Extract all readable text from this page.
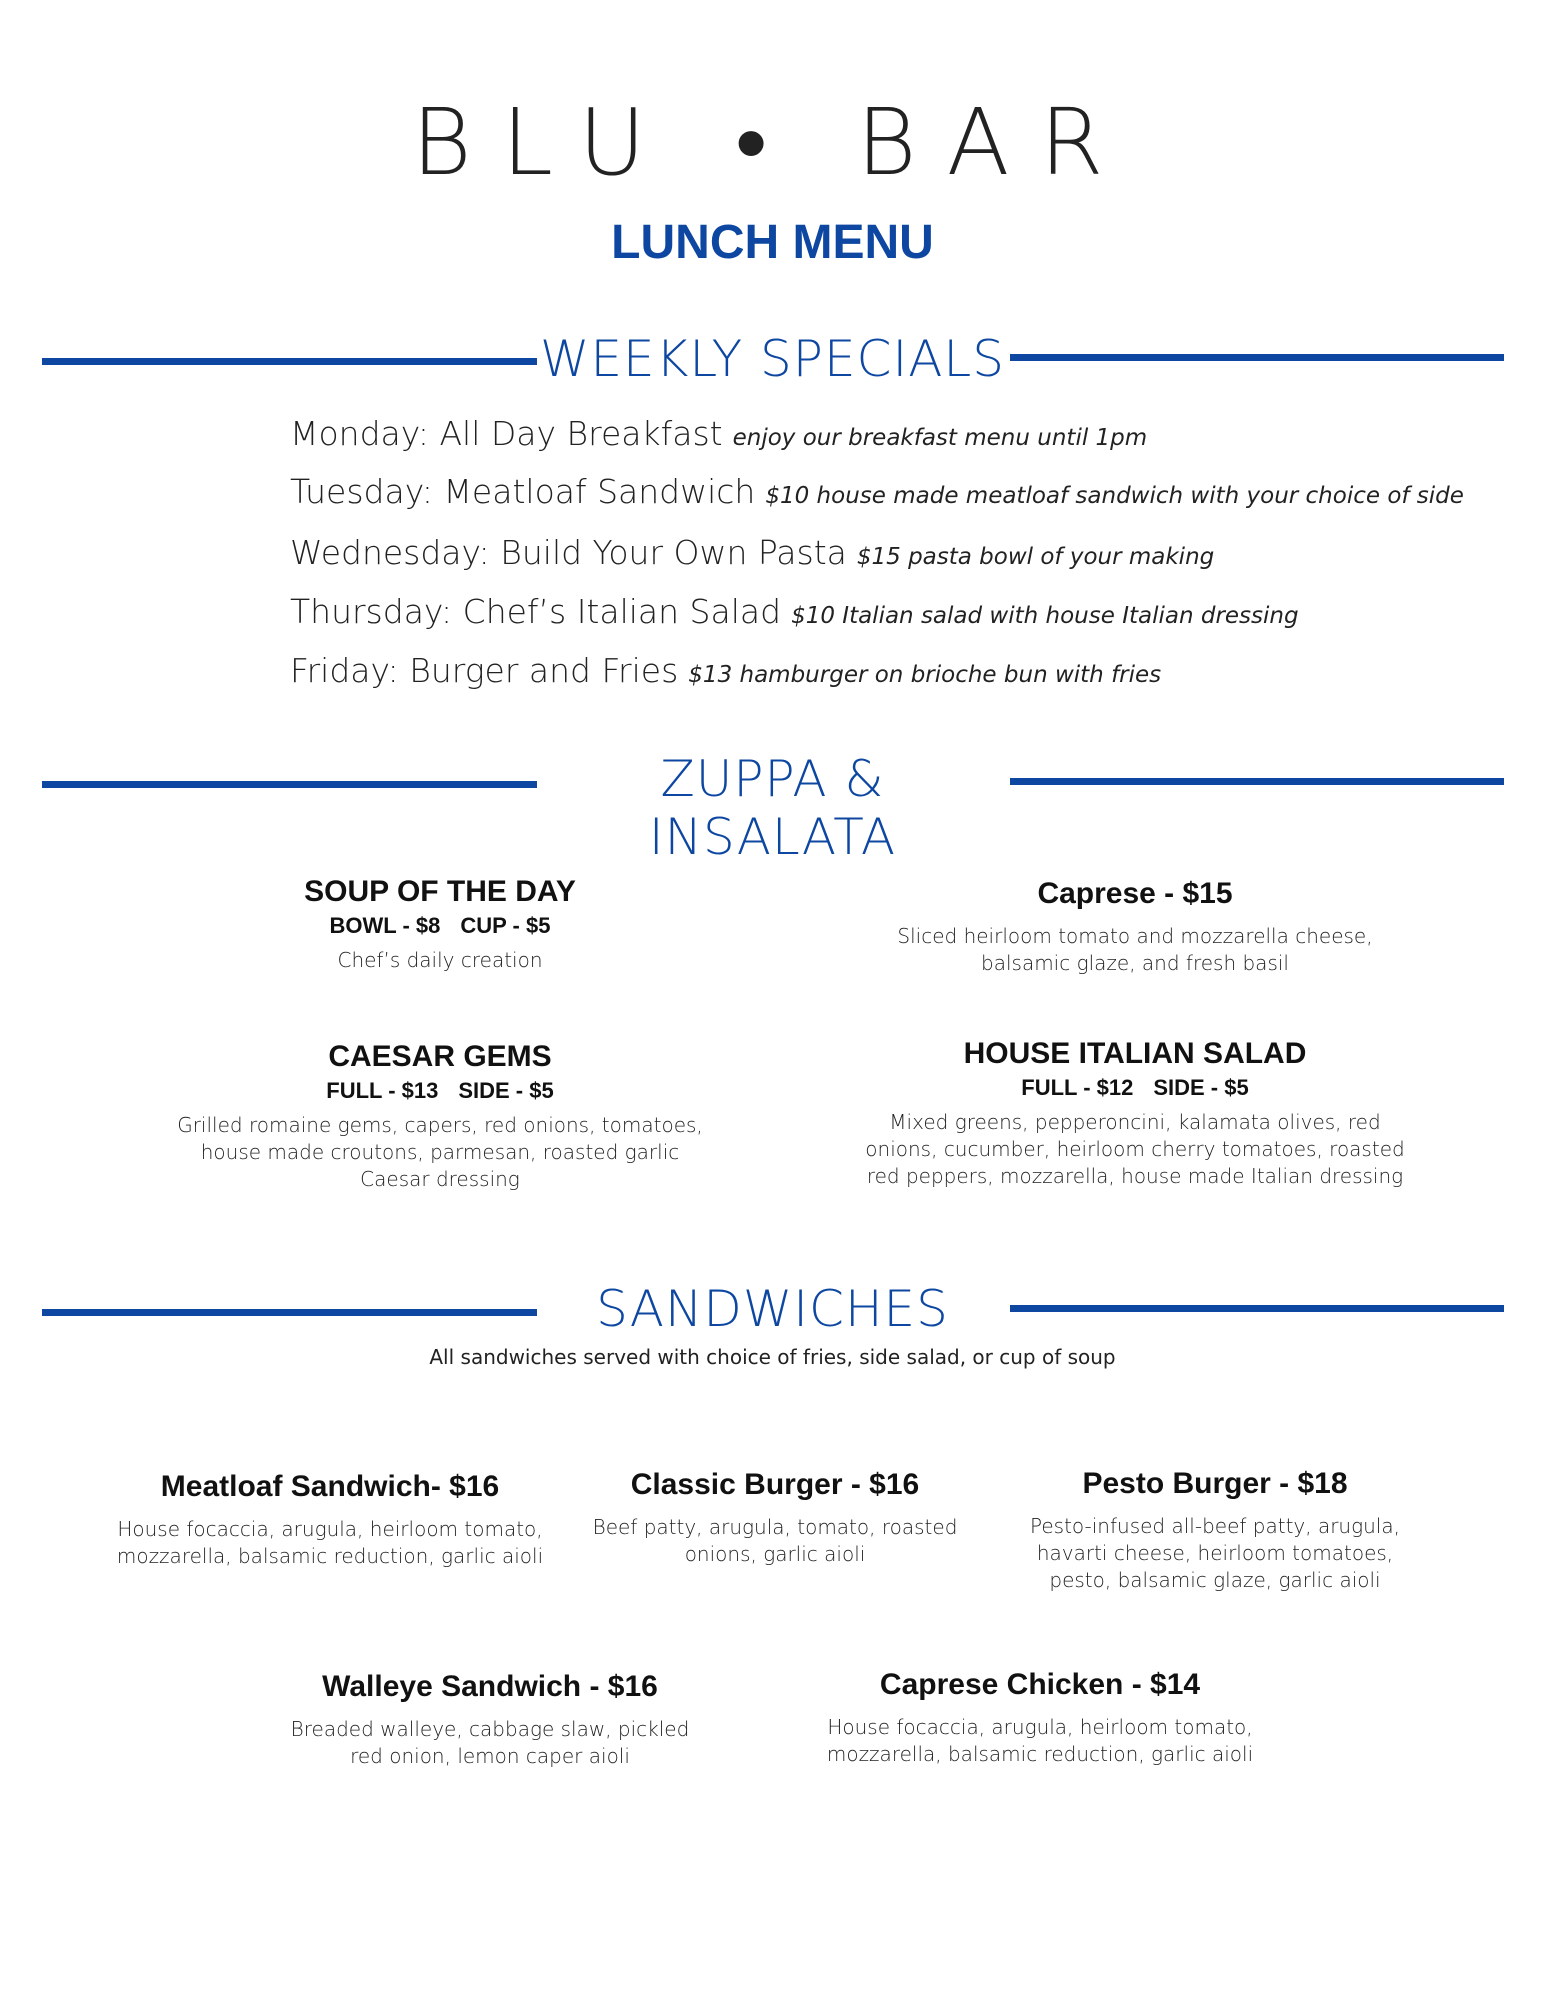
BLU • BAR
LUNCH MENU
WEEKLY SPECIALS
Monday: All Day Breakfast enjoy our breakfast menu until 1pm
Tuesday: Meatloaf Sandwich $10 house made meatloaf sandwich with your choice of side
Wednesday: Build Your Own Pasta $15 pasta bowl of your making
Thursday: Chef’s Italian Salad $10 Italian salad with house Italian dressing
Friday: Burger and Fries $13 hamburger on brioche bun with fries
ZUPPA & INSALATA
SOUP OF THE DAY
BOWL - $8 CUP - $5
Chef’s daily creation
Caprese - $15
Sliced heirloom tomato and mozzarella cheese, balsamic glaze, and fresh basil
CAESAR GEMS
FULL - $13 SIDE - $5
Grilled romaine gems, capers, red onions, tomatoes, house made croutons, parmesan, roasted garlic Caesar dressing
HOUSE ITALIAN SALAD
FULL - $12 SIDE - $5
Mixed greens, pepperoncini, kalamata olives, red onions, cucumber, heirloom cherry tomatoes, roasted red peppers, mozzarella, house made Italian dressing
SANDWICHES
All sandwiches served with choice of fries, side salad, or cup of soup
Meatloaf Sandwich- $16
House focaccia, arugula, heirloom tomato, mozzarella, balsamic reduction, garlic aioli
Classic Burger - $16
Beef patty, arugula, tomato, roasted onions, garlic aioli
Pesto Burger - $18
Pesto-infused all-beef patty, arugula, havarti cheese, heirloom tomatoes, pesto, balsamic glaze, garlic aioli
Walleye Sandwich - $16
Breaded walleye, cabbage slaw, pickled red onion, lemon caper aioli
Caprese Chicken - $14
House focaccia, arugula, heirloom tomato, mozzarella, balsamic reduction, garlic aioli
